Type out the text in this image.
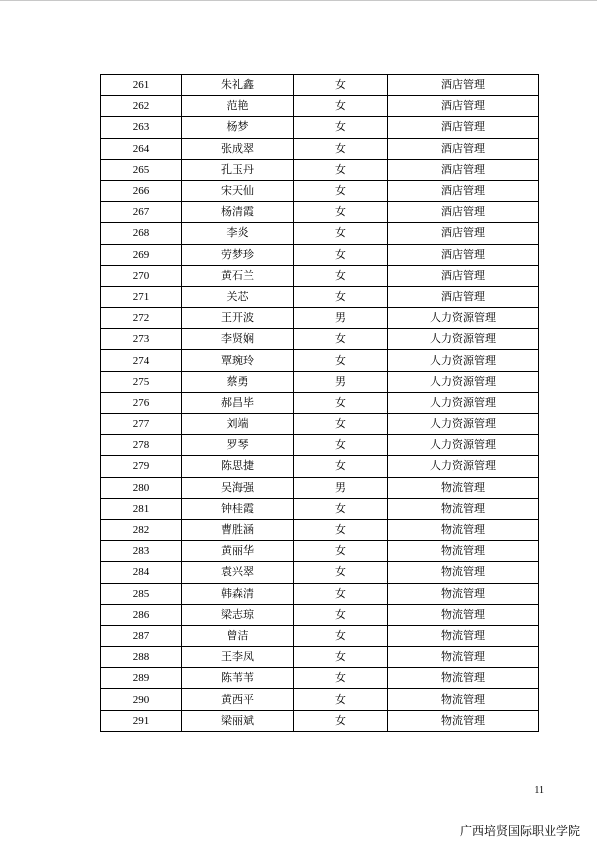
261	朱礼鑫	女	酒店管理
262	范艳	女	酒店管理
263	杨梦	女	酒店管理
264	张成翠	女	酒店管理
265	孔玉丹	女	酒店管理
266	宋天仙	女	酒店管理
267	杨清霞	女	酒店管理
268	李炎	女	酒店管理
269	劳梦珍	女	酒店管理
270	黄石兰	女	酒店管理
271	关芯	女	酒店管理
272	王开波	男	人力资源管理
273	李贤娴	女	人力资源管理
274	覃琬玲	女	人力资源管理
275	蔡勇	男	人力资源管理
276	郝昌毕	女	人力资源管理
277	刘端	女	人力资源管理
278	罗琴	女	人力资源管理
279	陈思捷	女	人力资源管理
280	吴海强	男	物流管理
281	钟桂霞	女	物流管理
282	曹胜涵	女	物流管理
283	黄丽华	女	物流管理
284	袁兴翠	女	物流管理
285	韩森清	女	物流管理
286	梁志琼	女	物流管理
287	曾洁	女	物流管理
288	王李凤	女	物流管理
289	陈苇苇	女	物流管理
290	黄西平	女	物流管理
291	梁丽斌	女	物流管理
11
广西培贤国际职业学院
